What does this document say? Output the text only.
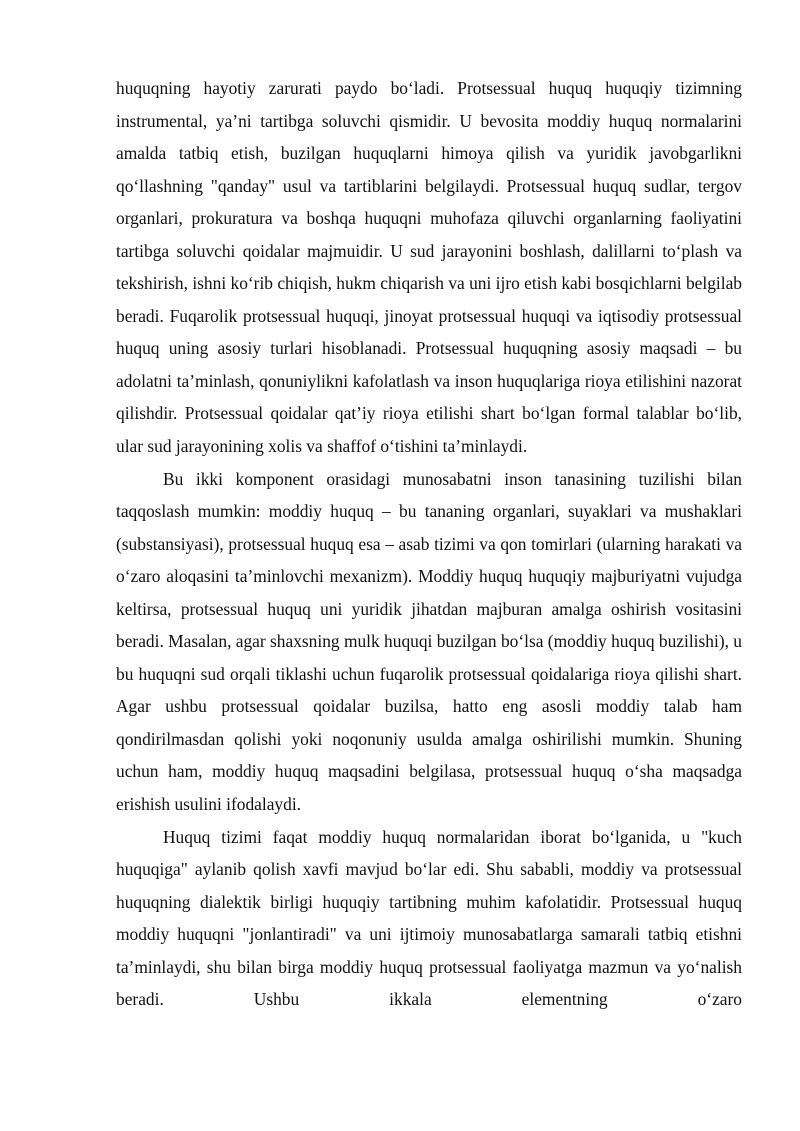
huquqning hayotiy zarurati paydo bo‘ladi. Protsessual huquq huquqiy tizimning instrumental, ya’ni tartibga soluvchi qismidir. U bevosita moddiy huquq normalarini amalda tatbiq etish, buzilgan huquqlarni himoya qilish va yuridik javobgarlikni qo‘llashning "qanday" usul va tartiblarini belgilaydi. Protsessual huquq sudlar, tergov organlari, prokuratura va boshqa huquqni muhofaza qiluvchi organlarning faoliyatini tartibga soluvchi qoidalar majmuidir. U sud jarayonini boshlash, dalillarni to‘plash va tekshirish, ishni ko‘rib chiqish, hukm chiqarish va uni ijro etish kabi bosqichlarni belgilab beradi. Fuqarolik protsessual huquqi, jinoyat protsessual huquqi va iqtisodiy protsessual huquq uning asosiy turlari hisoblanadi. Protsessual huquqning asosiy maqsadi – bu adolatni ta’minlash, qonuniylikni kafolatlash va inson huquqlariga rioya etilishini nazorat qilishdir. Protsessual qoidalar qat’iy rioya etilishi shart bo‘lgan formal talablar bo‘lib, ular sud jarayonining xolis va shaffof o‘tishini ta’minlaydi.

Bu ikki komponent orasidagi munosabatni inson tanasining tuzilishi bilan taqqoslash mumkin: moddiy huquq – bu tananing organlari, suyaklari va mushaklari (substansiyasi), protsessual huquq esa – asab tizimi va qon tomirlari (ularning harakati va o‘zaro aloqasini ta’minlovchi mexanizm). Moddiy huquq huquqiy majburiyatni vujudga keltirsa, protsessual huquq uni yuridik jihatdan majburan amalga oshirish vositasini beradi. Masalan, agar shaxsning mulk huquqi buzilgan bo‘lsa (moddiy huquq buzilishi), u bu huquqni sud orqali tiklashi uchun fuqarolik protsessual qoidalariga rioya qilishi shart. Agar ushbu protsessual qoidalar buzilsa, hatto eng asosli moddiy talab ham qondirilmasdan qolishi yoki noqonuniy usulda amalga oshirilishi mumkin. Shuning uchun ham, moddiy huquq maqsadini belgilasa, protsessual huquq o‘sha maqsadga erishish usulini ifodalaydi.

Huquq tizimi faqat moddiy huquq normalaridan iborat bo‘lganida, u "kuch huquqiga" aylanib qolish xavfi mavjud bo‘lar edi. Shu sababli, moddiy va protsessual huquqning dialektik birligi huquqiy tartibning muhim kafolatidir. Protsessual huquq moddiy huquqni "jonlantiradi" va uni ijtimoiy munosabatlarga samarali tatbiq etishni ta’minlaydi, shu bilan birga moddiy huquq protsessual faoliyatga mazmun va yo‘nalish beradi. Ushbu ikkala elementning o‘zaro
